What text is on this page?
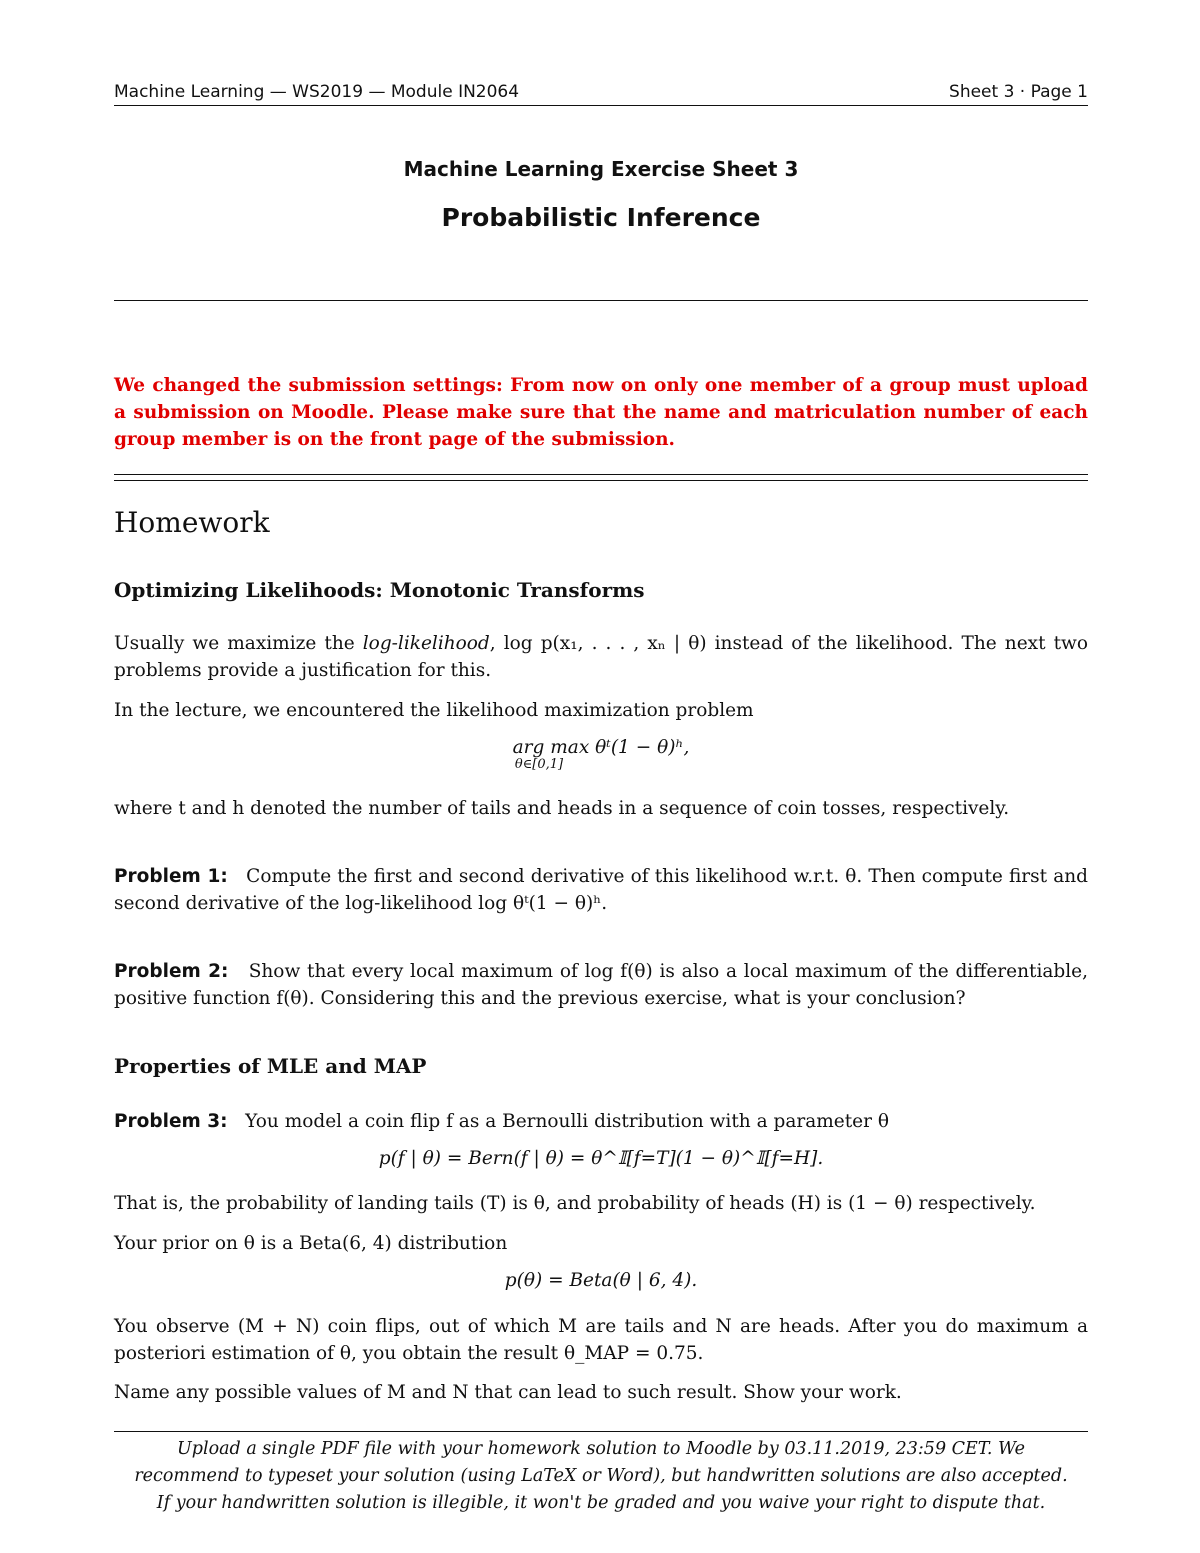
Machine Learning — WS2019 — Module IN2064	Sheet 3 · Page 1
Machine Learning Exercise Sheet 3
Probabilistic Inference
We changed the submission settings: From now on only one member of a group must upload a submission on Moodle. Please make sure that the name and matriculation number of each group member is on the front page of the submission.
Homework
Optimizing Likelihoods: Monotonic Transforms
Usually we maximize the log-likelihood, log p(x₁, . . . , xₙ | θ) instead of the likelihood. The next two problems provide a justification for this.
In the lecture, we encountered the likelihood maximization problem
arg max θᵗ(1 − θ)ʰ,
$^{\theta\in[0,1]}$
where t and h denoted the number of tails and heads in a sequence of coin tosses, respectively.
Problem 1: Compute the first and second derivative of this likelihood w.r.t. θ. Then compute first and second derivative of the log-likelihood log θᵗ(1 − θ)ʰ.
Problem 2: Show that every local maximum of log f(θ) is also a local maximum of the differentiable, positive function f(θ). Considering this and the previous exercise, what is your conclusion?
Properties of MLE and MAP
Problem 3: You model a coin flip f as a Bernoulli distribution with a parameter θ
p(f | θ) = Bern(f | θ) = θ^𝕀[f=T](1 − θ)^𝕀[f=H].
That is, the probability of landing tails (T) is θ, and probability of heads (H) is (1 − θ) respectively.
Your prior on θ is a Beta(6, 4) distribution
p(θ) = Beta(θ | 6, 4).
You observe (M + N) coin flips, out of which M are tails and N are heads. After you do maximum a posteriori estimation of θ, you obtain the result θ_MAP = 0.75.
Name any possible values of M and N that can lead to such result. Show your work.
Upload a single PDF file with your homework solution to Moodle by 03.11.2019, 23:59 CET. We
recommend to typeset your solution (using LaTeX or Word), but handwritten solutions are also accepted.
If your handwritten solution is illegible, it won't be graded and you waive your right to dispute that.
